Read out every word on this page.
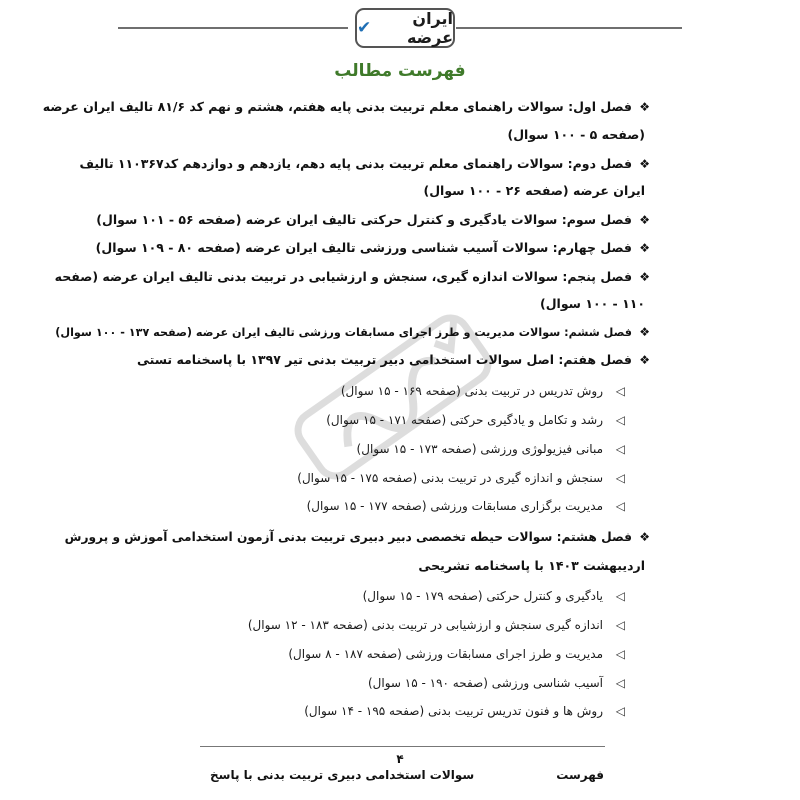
ایران عرضه
✔
فهرست مطالب
❖فصل اول: سوالات راهنمای معلم تربیت بدنی پایه هفتم، هشتم و نهم کد ۸۱/۶ تالیف ایران عرضه
(صفحه ۵ - ۱۰۰ سوال)
❖فصل دوم: سوالات راهنمای معلم تربیت بدنی پایه دهم، یازدهم و دوازدهم کد۱۱۰۳۶۷ تالیف
ایران عرضه (صفحه ۲۶ - ۱۰۰ سوال)
❖فصل سوم: سوالات یادگیری و کنترل حرکتی تالیف ایران عرضه (صفحه ۵۶ - ۱۰۱ سوال)
❖فصل چهارم: سوالات آسیب شناسی ورزشی تالیف ایران عرضه (صفحه ۸۰ - ۱۰۹ سوال)
❖فصل پنجم: سوالات اندازه گیری، سنجش و ارزشیابی در تربیت بدنی تالیف ایران عرضه (صفحه
۱۱۰ - ۱۰۰ سوال)
❖فصل ششم: سوالات مدیریت و طرز اجرای مسابقات ورزشی تالیف ایران عرضه (صفحه ۱۳۷ - ۱۰۰ سوال)
❖فصل هفتم: اصل سوالات استخدامی دبیر تربیت بدنی تیر ۱۳۹۷ با پاسخنامه تستی
◁روش تدریس در تربیت بدنی (صفحه ۱۶۹ - ۱۵ سوال)
◁رشد و تکامل و یادگیری حرکتی (صفحه ۱۷۱ - ۱۵ سوال)
◁مبانی فیزیولوژی ورزشی (صفحه ۱۷۳ - ۱۵ سوال)
◁سنجش و اندازه گیری در تربیت بدنی (صفحه ۱۷۵ - ۱۵ سوال)
◁مدیریت برگزاری مسابقات ورزشی (صفحه ۱۷۷ - ۱۵ سوال)
❖فصل هشتم: سوالات حیطه تخصصی دبیر دبیری تربیت بدنی آزمون استخدامی آموزش و پرورش
اردیبهشت ۱۴۰۳ با پاسخنامه تشریحی
◁یادگیری و کنترل حرکتی (صفحه ۱۷۹ - ۱۵ سوال)
◁اندازه گیری سنجش و ارزشیابی در تربیت بدنی (صفحه ۱۸۳ - ۱۲ سوال)
◁مدیریت و طرز اجرای مسابقات ورزشی (صفحه ۱۸۷ - ۸ سوال)
◁آسیب شناسی ورزشی (صفحه ۱۹۰ - ۱۵ سوال)
◁روش ها و فنون تدریس تربیت بدنی (صفحه ۱۹۵ - ۱۴ سوال)
۴
سوالات استخدامی دبیری تربیت بدنی با پاسخ	فهرست
